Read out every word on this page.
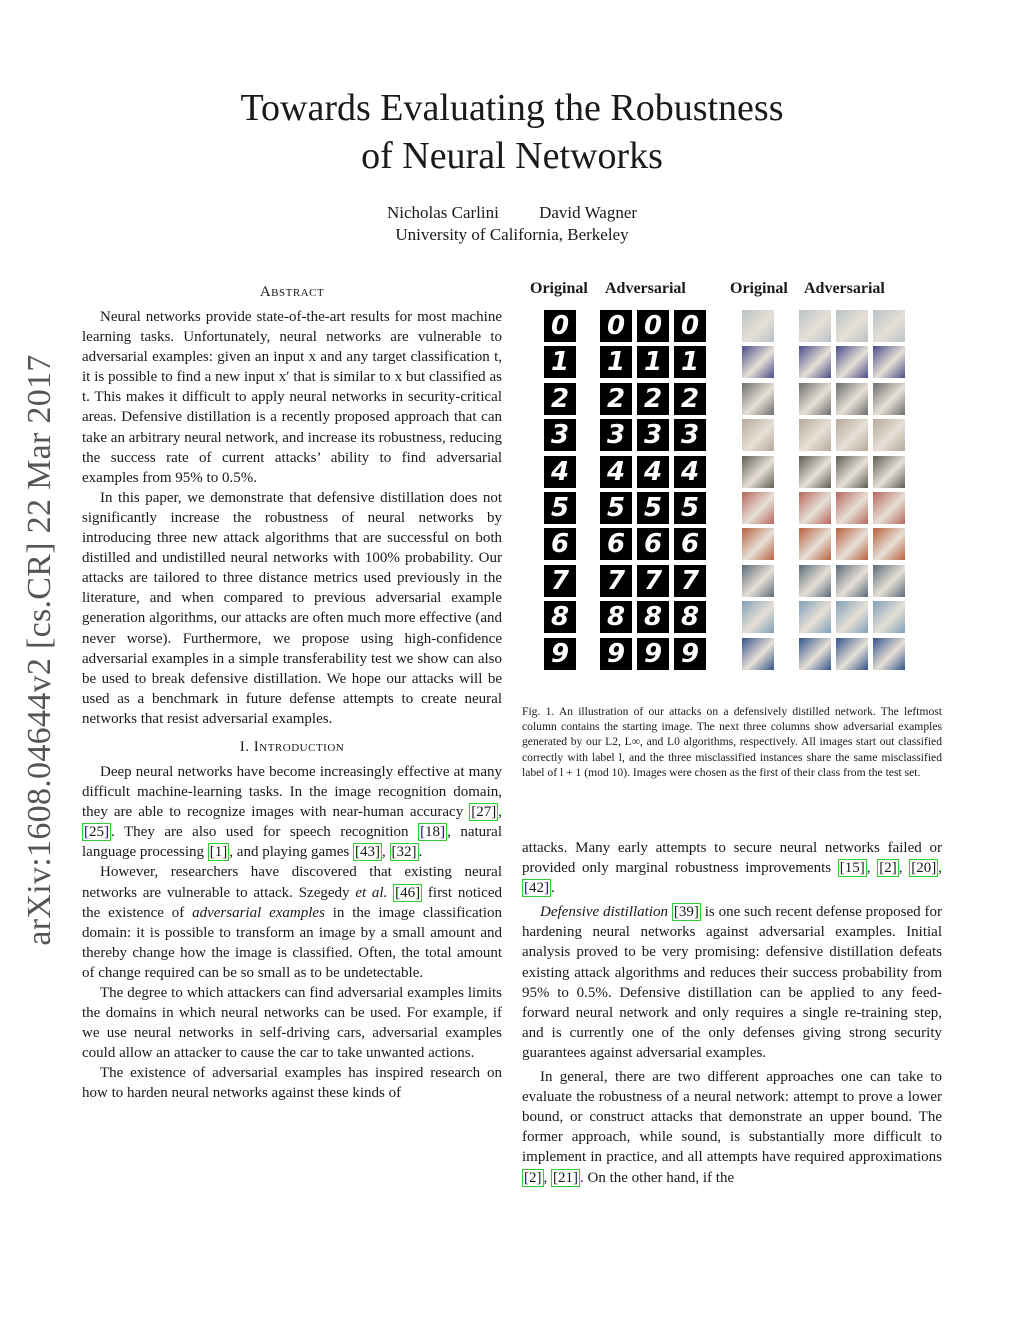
arXiv:1608.04644v2 [cs.CR] 22 Mar 2017
Towards Evaluating the Robustness
of Neural Networks
Nicholas Carlini David Wagner
University of California, Berkeley
Abstract

Neural networks provide state-of-the-art results for most machine learning tasks. Unfortunately, neural networks are vulnerable to adversarial examples: given an input x and any target classification t, it is possible to find a new input x′ that is similar to x but classified as t. This makes it difficult to apply neural networks in security-critical areas. Defensive distillation is a recently proposed approach that can take an arbitrary neural network, and increase its robustness, reducing the success rate of current attacks’ ability to find adversarial examples from 95% to 0.5%.

In this paper, we demonstrate that defensive distillation does not significantly increase the robustness of neural networks by introducing three new attack algorithms that are successful on both distilled and undistilled neural networks with 100% probability. Our attacks are tailored to three distance metrics used previously in the literature, and when compared to previous adversarial example generation algorithms, our attacks are often much more effective (and never worse). Furthermore, we propose using high-confidence adversarial examples in a simple transferability test we show can also be used to break defensive distillation. We hope our attacks will be used as a benchmark in future defense attempts to create neural networks that resist adversarial examples.

I. Introduction

Deep neural networks have become increasingly effective at many difficult machine-learning tasks. In the image recognition domain, they are able to recognize images with near-human accuracy [27] , [25] . They are also used for speech recognition [18] , natural language processing [1] , and playing games [43] , [32] .

However, researchers have discovered that existing neural networks are vulnerable to attack. Szegedy et al. [46] first noticed the existence of adversarial examples in the image classification domain: it is possible to transform an image by a small amount and thereby change how the image is classified. Often, the total amount of change required can be so small as to be undetectable.

The degree to which attackers can find adversarial examples limits the domains in which neural networks can be used. For example, if we use neural networks in self-driving cars, adversarial examples could allow an attacker to cause the car to take unwanted actions.

The existence of adversarial examples has inspired research on how to harden neural networks against these kinds of

Original Adversarial	Original Adversarial
0 0 0 0
1 1 1 1
2 2 2 2
3 3 3 3
4 4 4 4
5 5 5 5
6 6 6 6
7 7 7 7
8 8 8 8
9 9 9 9
Fig. 1. An illustration of our attacks on a defensively distilled network. The leftmost column contains the starting image. The next three columns show adversarial examples generated by our L2, L∞, and L0 algorithms, respectively. All images start out classified correctly with label l, and the three misclassified instances share the same misclassified label of l + 1 (mod 10). Images were chosen as the first of their class from the test set.

attacks. Many early attempts to secure neural networks failed or provided only marginal robustness improvements [15] , [2] , [20] , [42] .

Defensive distillation [39] is one such recent defense proposed for hardening neural networks against adversarial examples. Initial analysis proved to be very promising: defensive distillation defeats existing attack algorithms and reduces their success probability from 95% to 0.5%. Defensive distillation can be applied to any feed-forward neural network and only requires a single re-training step, and is currently one of the only defenses giving strong security guarantees against adversarial examples.

In general, there are two different approaches one can take to evaluate the robustness of a neural network: attempt to prove a lower bound, or construct attacks that demonstrate an upper bound. The former approach, while sound, is substantially more difficult to implement in practice, and all attempts have required approximations [2] , [21] . On the other hand, if the
